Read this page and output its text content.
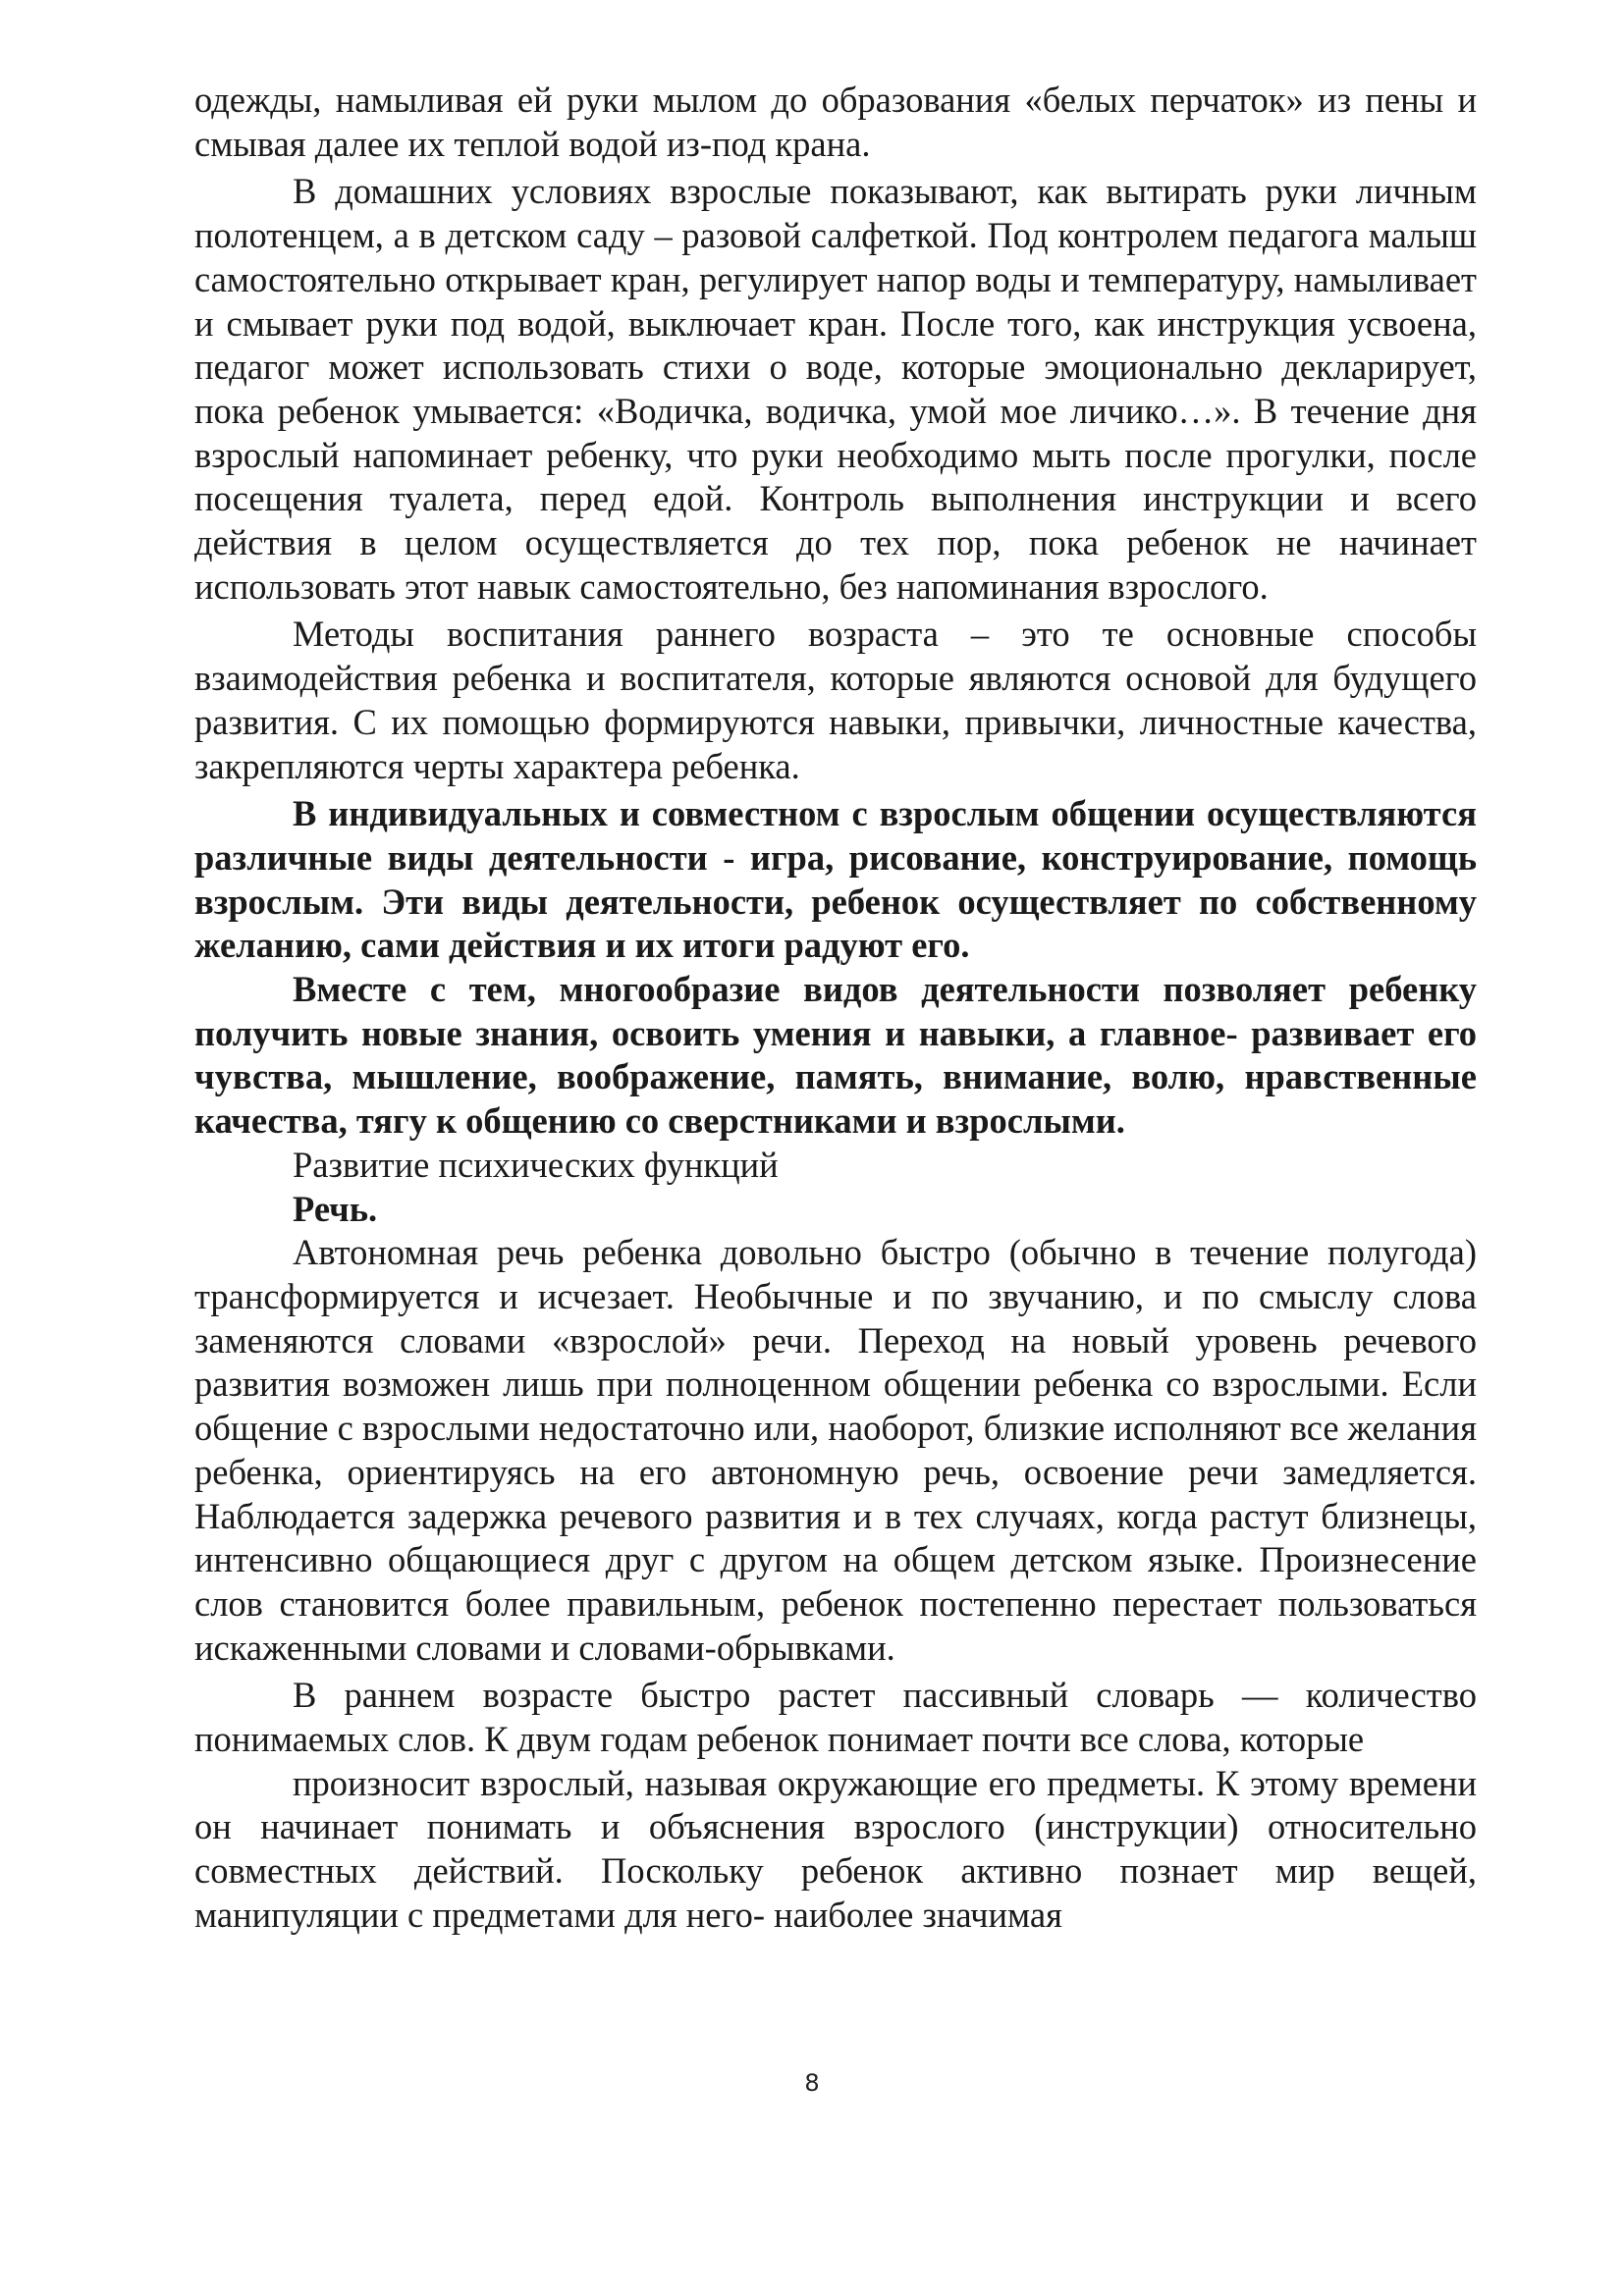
одежды, намыливая ей руки мылом до образования «белых перчаток» из пены и смывая далее их теплой водой из-под крана.

В домашних условиях взрослые показывают, как вытирать руки личным полотенцем, а в детском саду – разовой салфеткой. Под контролем педагога малыш самостоятельно открывает кран, регулирует напор воды и температуру, намыливает и смывает руки под водой, выключает кран. После того, как инструкция усвоена, педагог может использовать стихи о воде, которые эмоционально декларирует, пока ребенок умывается: «Водичка, водичка, умой мое личико…». В течение дня взрослый напоминает ребенку, что руки необходимо мыть после прогулки, после посещения туалета, перед едой. Контроль выполнения инструкции и всего действия в целом осуществляется до тех пор, пока ребенок не начинает использовать этот навык самостоятельно, без напоминания взрослого.

Методы воспитания раннего возраста – это те основные способы взаимодействия ребенка и воспитателя, которые являются основой для будущего развития. С их помощью формируются навыки, привычки, личностные качества, закрепляются черты характера ребенка.

В индивидуальных и совместном с взрослым общении осуществляются различные виды деятельности - игра, рисование, конструирование, помощь взрослым. Эти виды деятельности, ребенок осуществляет по собственному желанию, сами действия и их итоги радуют его.

Вместе с тем, многообразие видов деятельности позволяет ребенку получить новые знания, освоить умения и навыки, а главное- развивает его чувства, мышление, воображение, память, внимание, волю, нравственные качества, тягу к общению со сверстниками и взрослыми.

Развитие психических функций

Речь.

Автономная речь ребенка довольно быстро (обычно в течение полугода) трансформируется и исчезает. Необычные и по звучанию, и по смыслу слова заменяются словами «взрослой» речи. Переход на новый уровень речевого развития возможен лишь при полноценном общении ребенка со взрослыми. Если общение с взрослыми недостаточно или, наоборот, близкие исполняют все желания ребенка, ориентируясь на его автономную речь, освоение речи замедляется. Наблюдается задержка речевого развития и в тех случаях, когда растут близнецы, интенсивно общающиеся друг с другом на общем детском языке. Произнесение слов становится более правильным, ребенок постепенно перестает пользоваться искаженными словами и словами-обрывками.

В раннем возрасте быстро растет пассивный словарь — количество понимаемых слов. К двум годам ребенок понимает почти все слова, которые

произносит взрослый, называя окружающие его предметы. К этому времени он начинает понимать и объяснения взрослого (инструкции) относительно совместных действий. Поскольку ребенок активно познает мир вещей, манипуляции с предметами для него- наиболее значимая

8
